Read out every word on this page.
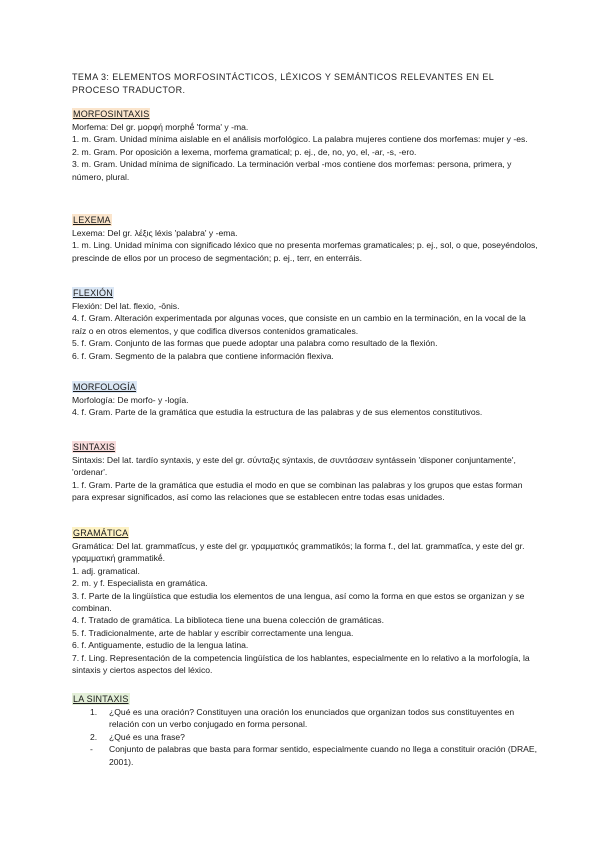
TEMA 3: ELEMENTOS MORFOSINTÁCTICOS, LÉXICOS Y SEMÁNTICOS RELEVANTES EN EL PROCESO TRADUCTOR.
MORFOSINTAXIS
Morfema: Del gr. μορφή morphḗ 'forma' y -ma.
1. m. Gram. Unidad mínima aislable en el análisis morfológico. La palabra mujeres contiene dos morfemas: mujer y -es.
2. m. Gram. Por oposición a lexema, morfema gramatical; p. ej., de, no, yo, el, -ar, -s, -ero.
3. m. Gram. Unidad mínima de significado. La terminación verbal -mos contiene dos morfemas: persona, primera, y número, plural.
LEXEMA
Lexema: Del gr. λέξις léxis 'palabra' y -ema.
1. m. Ling. Unidad mínima con significado léxico que no presenta morfemas gramaticales; p. ej., sol, o que, poseyéndolos, prescinde de ellos por un proceso de segmentación; p. ej., terr, en enterráis.
FLEXIÓN
Flexión: Del lat. flexio, -ōnis.
4. f. Gram. Alteración experimentada por algunas voces, que consiste en un cambio en la terminación, en la vocal de la raíz o en otros elementos, y que codifica diversos contenidos gramaticales.
5. f. Gram. Conjunto de las formas que puede adoptar una palabra como resultado de la flexión.
6. f. Gram. Segmento de la palabra que contiene información flexiva.
MORFOLOGÍA
Morfología: De morfo- y -logía.
4. f. Gram. Parte de la gramática que estudia la estructura de las palabras y de sus elementos constitutivos.
SINTAXIS
Sintaxis: Del lat. tardío syntaxis, y este del gr. σύνταξις sýntaxis, de συντάσσειν syntássein 'disponer conjuntamente', 'ordenar'.
1. f. Gram. Parte de la gramática que estudia el modo en que se combinan las palabras y los grupos que estas forman para expresar significados, así como las relaciones que se establecen entre todas esas unidades.
GRAMÁTICA
Gramática: Del lat. grammatĭcus, y este del gr. γραμματικός grammatikós; la forma f., del lat. grammatĭca, y este del gr. γραμματική grammatikḗ.
1. adj. gramatical.
2. m. y f. Especialista en gramática.
3. f. Parte de la lingüística que estudia los elementos de una lengua, así como la forma en que estos se organizan y se combinan.
4. f. Tratado de gramática. La biblioteca tiene una buena colección de gramáticas.
5. f. Tradicionalmente, arte de hablar y escribir correctamente una lengua.
6. f. Antiguamente, estudio de la lengua latina.
7. f. Ling. Representación de la competencia lingüística de los hablantes, especialmente en lo relativo a la morfología, la sintaxis y ciertos aspectos del léxico.
LA SINTAXIS
1. ¿Qué es una oración? Constituyen una oración los enunciados que organizan todos sus constituyentes en relación con un verbo conjugado en forma personal.
2. ¿Qué es una frase?
- Conjunto de palabras que basta para formar sentido, especialmente cuando no llega a constituir oración (DRAE, 2001).
